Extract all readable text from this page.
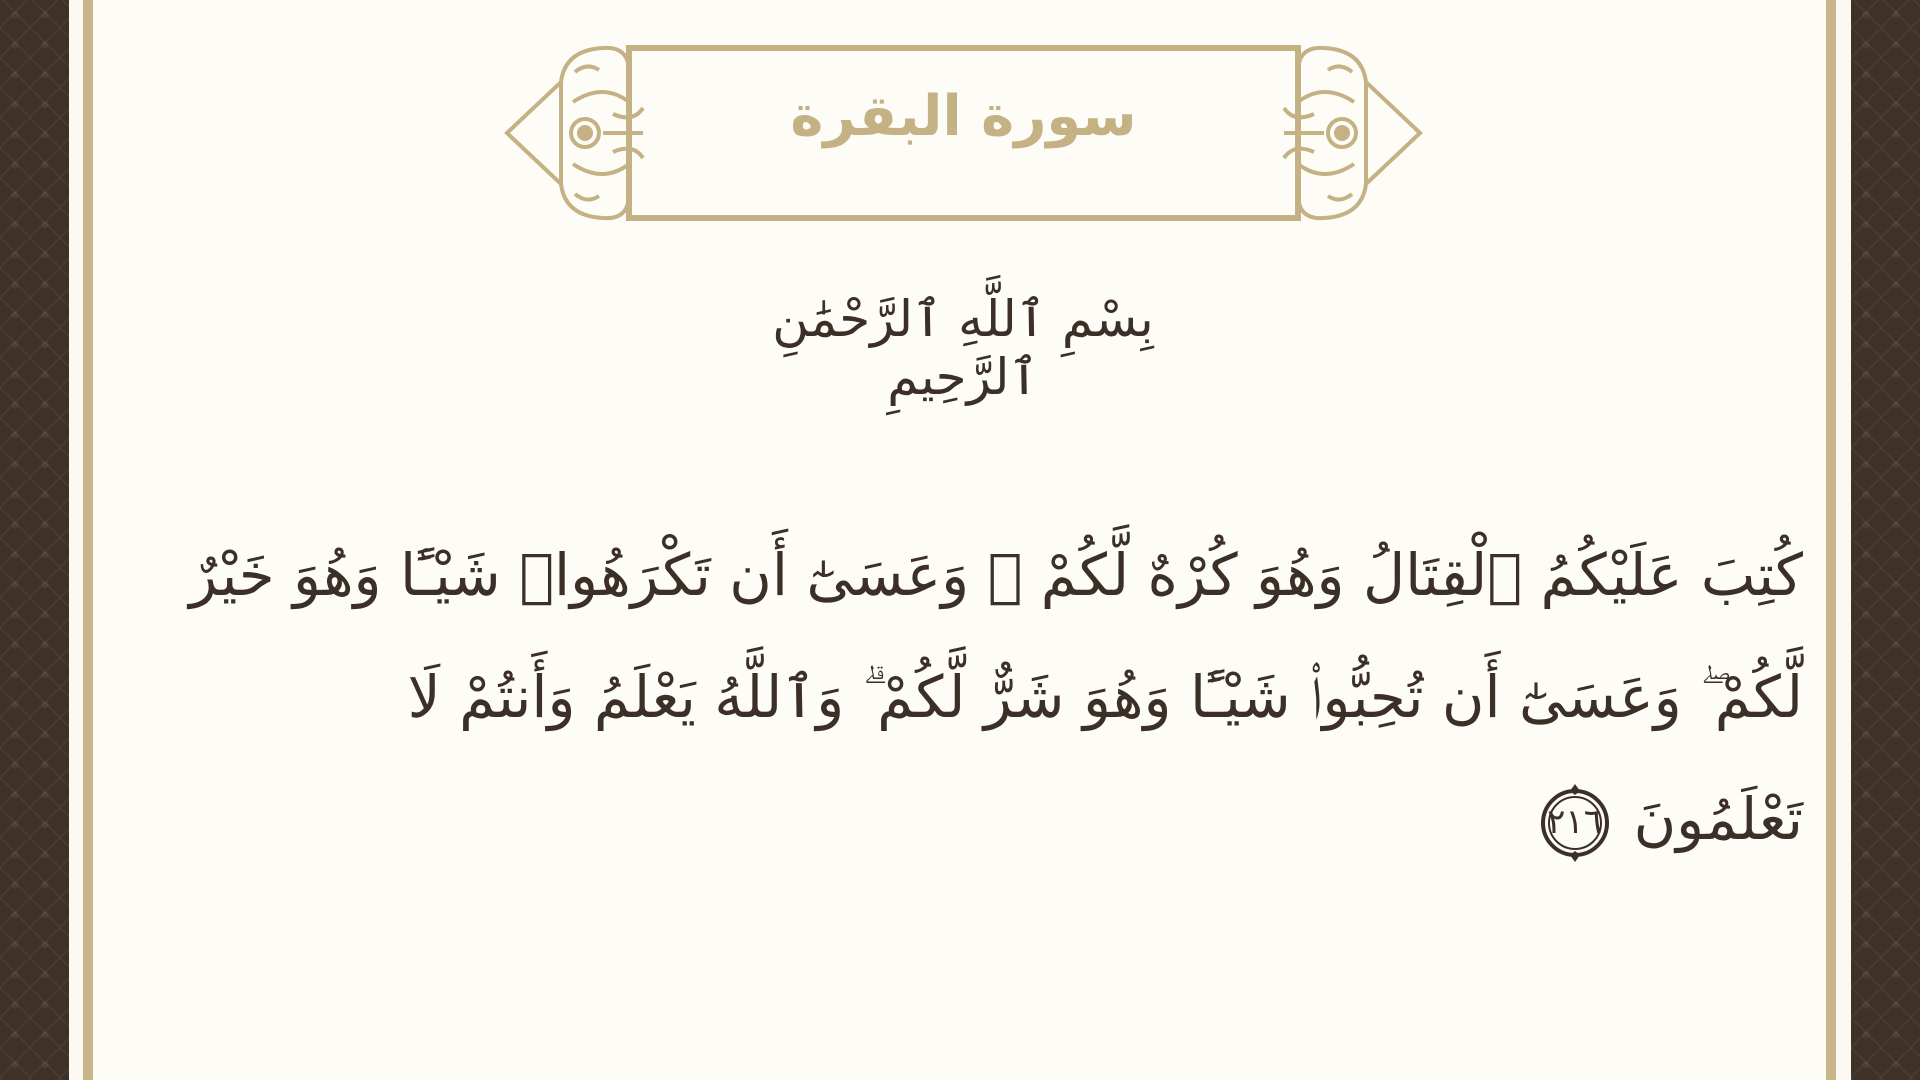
سورة البقرة
بِسْمِ ٱللَّهِ ٱلرَّحْمَٰنِ ٱلرَّحِيمِ
كُتِبَ عَلَيْكُمُ ٱلْقِتَالُ وَهُوَ كُرْهٌ لَّكُمْ ۖ وَعَسَىٰٓ أَن تَكْرَهُوا۟ شَيْـًٔا وَهُوَ خَيْرٌ
لَّكُمْ ۖ وَعَسَىٰٓ أَن تُحِبُّوا۟ شَيْـًٔا وَهُوَ شَرٌّ لَّكُمْ ۗ وَٱللَّهُ يَعْلَمُ وَأَنتُمْ لَا
تَعْلَمُونَ
٢١٦
